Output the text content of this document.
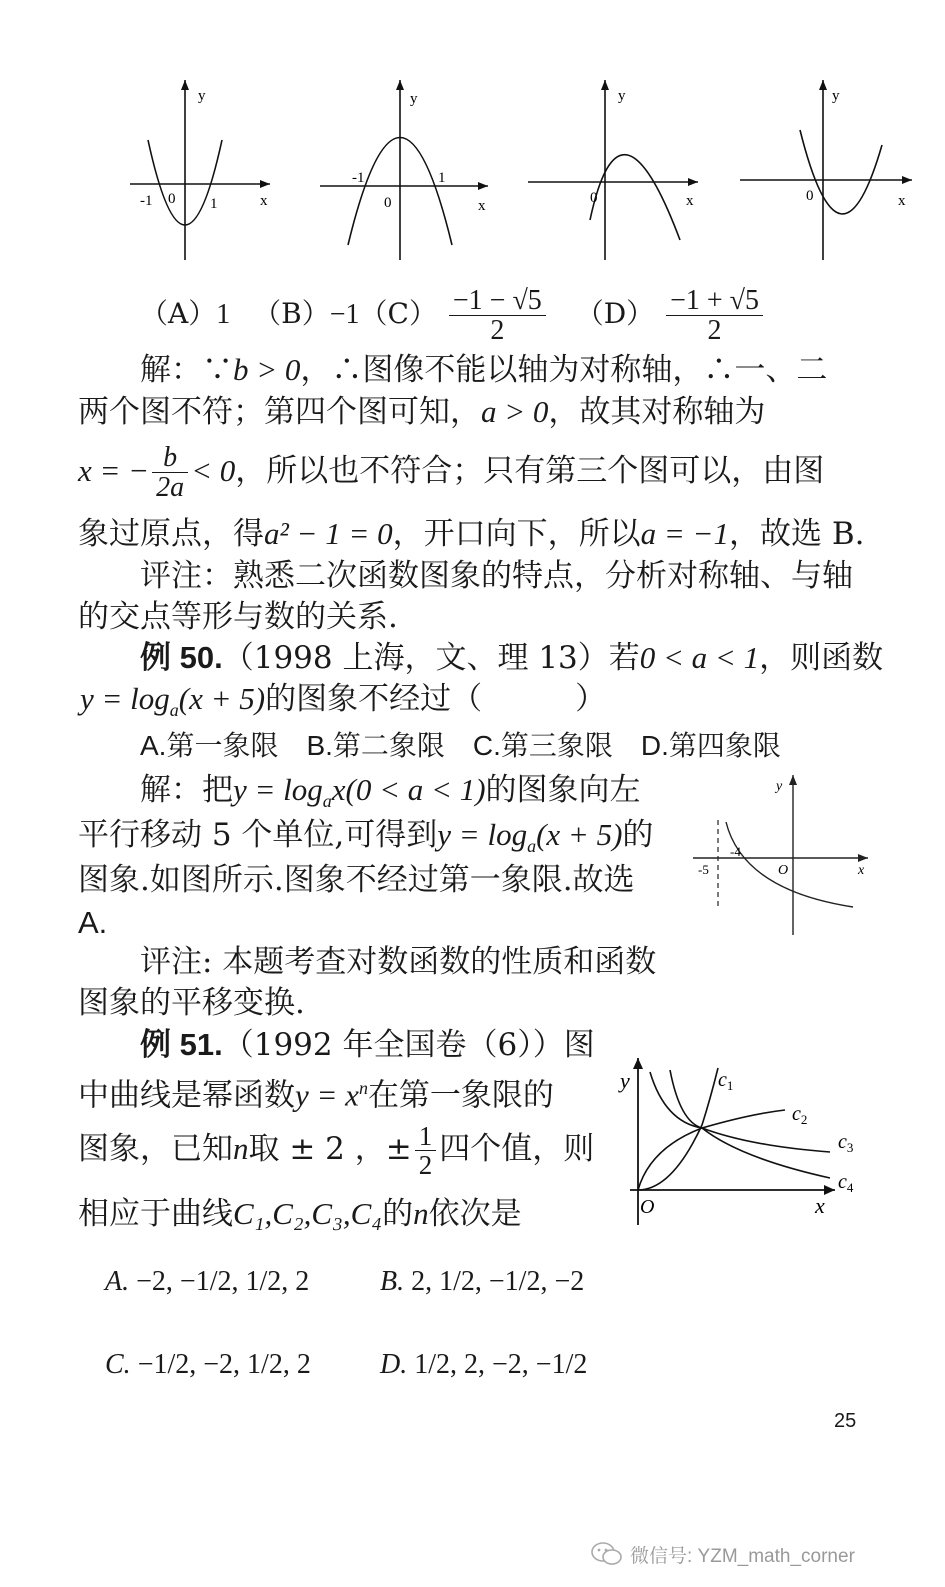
y
x
-1 0 1
y
x
-1
0
1
y
x
0
y
x
0
（A）1 $(B)-1(C) \frac{-1 - √5}{2} (D) \frac{-1 + √5}{2}$
解：∵b > 0，∴图像不能以轴为对称轴，∴一、二
两个图不符；第四个图可知，a > 0，故其对称轴为
x = − $\frac{b}{2a} < 0$，所以也不符合；只有第三个图可以，由图
象过原点，得a² − 1 = 0，开口向下，所以a = −1，故选 B.
评注：熟悉二次函数图象的特点，分析对称轴、与轴
的交点等形与数的关系.
例 50.（1998 上海，文、理 13）若0 < a < 1，则函数
$y = \log_a(x + 5)$的图象不经过（　　　）
A.第一象限　B.第二象限　C.第三象限　D.第四象限
解：把$y = \log_ax(0 < a < 1)$的图象向左
平行移动 5 个单位,可得到$y = \log_a(x + 5)$的
图象.如图所示.图象不经过第一象限.故选
A.
评注: 本题考查对数函数的性质和函数
图象的平移变换.
y
x
O
-4
-5
例 51.（1992 年全国卷（6））图
中曲线是幂函数$y = x^n$在第一象限的
图象，已知n取 ± 2 ，± $\frac{1}{2}$ 四个值，则
相应于曲线C₁,C₂,C₃,C₄的n依次是
y
x
O
$c_1$
$c_2$
$c_3$
$c_4$
A. −2, −1/2, 1/2, 2	B. 2, 1/2, −1/2, −2
C. −1/2, −2, 1/2, 2 D. 1/2, 2, −2, −1/2
25
微信号: YZM_math_corner
